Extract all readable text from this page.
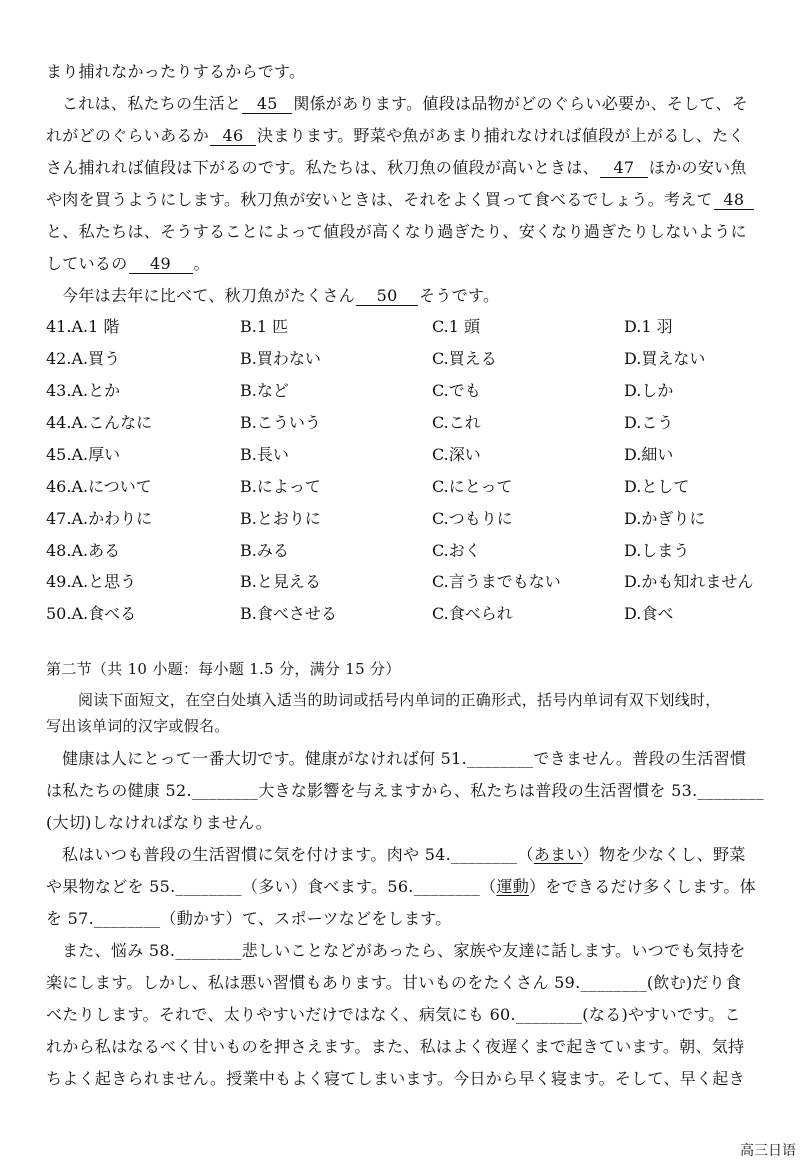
まり捕れなかったりするからです。
これは、私たちの生活と 45 関係があります。値段は品物がどのぐらい必要か、そして、そ
れがどのぐらいあるか 46 決まります。野菜や魚があまり捕れなければ値段が上がるし、たく
さん捕れれば値段は下がるのです。私たちは、秋刀魚の値段が高いときは、 47 ほかの安い魚
や肉を買うようにします。秋刀魚が安いときは、それをよく買って食べるでしょう。考えて 48
と、私たちは、そうすることによって値段が高くなり過ぎたり、安くなり過ぎたりしないように
しているの 49 。
今年は去年に比べて、秋刀魚がたくさん 50 そうです。
41.A.1 階	B.1 匹	C.1 頭	D.1 羽
42.A.買う	B.買わない	C.買える	D.買えない
43.A.とか	B.など	C.でも	D.しか
44.A.こんなに	B.こういう	C.これ	D.こう
45.A.厚い	B.長い	C.深い	D.細い
46.A.について	B.によって	C.にとって	D.として
47.A.かわりに	B.とおりに	C.つもりに	D.かぎりに
48.A.ある	B.みる	C.おく	D.しまう
49.A.と思う	B.と見える	C.言うまでもない	D.かも知れません
50.A.食べる	B.食べさせる	C.食べられ	D.食べ
第二节（共 10 小题：每小题 1.5 分，满分 15 分）
阅读下面短文，在空白处填入适当的助词或括号内单词的正确形式，括号内单词有双下划线时，
写出该单词的汉字或假名。
健康は人にとって一番大切です。健康がなければ何 51.________できません。普段の生活習慣
は私たちの健康 52.________大きな影響を与えますから、私たちは普段の生活習慣を 53.________
(大切)しなければなりません。
私はいつも普段の生活習慣に気を付けます。肉や 54.________（あまい）物を少なくし、野菜
や果物などを 55.________（多い）食べます。56.________（運動）をできるだけ多くします。体
を 57.________（動かす）て、スポーツなどをします。
また、悩み 58.________悲しいことなどがあったら、家族や友達に話します。いつでも気持を
楽にします。しかし、私は悪い習慣もあります。甘いものをたくさん 59.________(飲む)だり食
べたりします。それで、太りやすいだけではなく、病気にも 60.________(なる)やすいです。こ
れから私はなるべく甘いものを押さえます。また、私はよく夜遅くまで起きています。朝、気持
ちよく起きられません。授業中もよく寝てしまいます。今日から早く寝ます。そして、早く起き
高三日语
